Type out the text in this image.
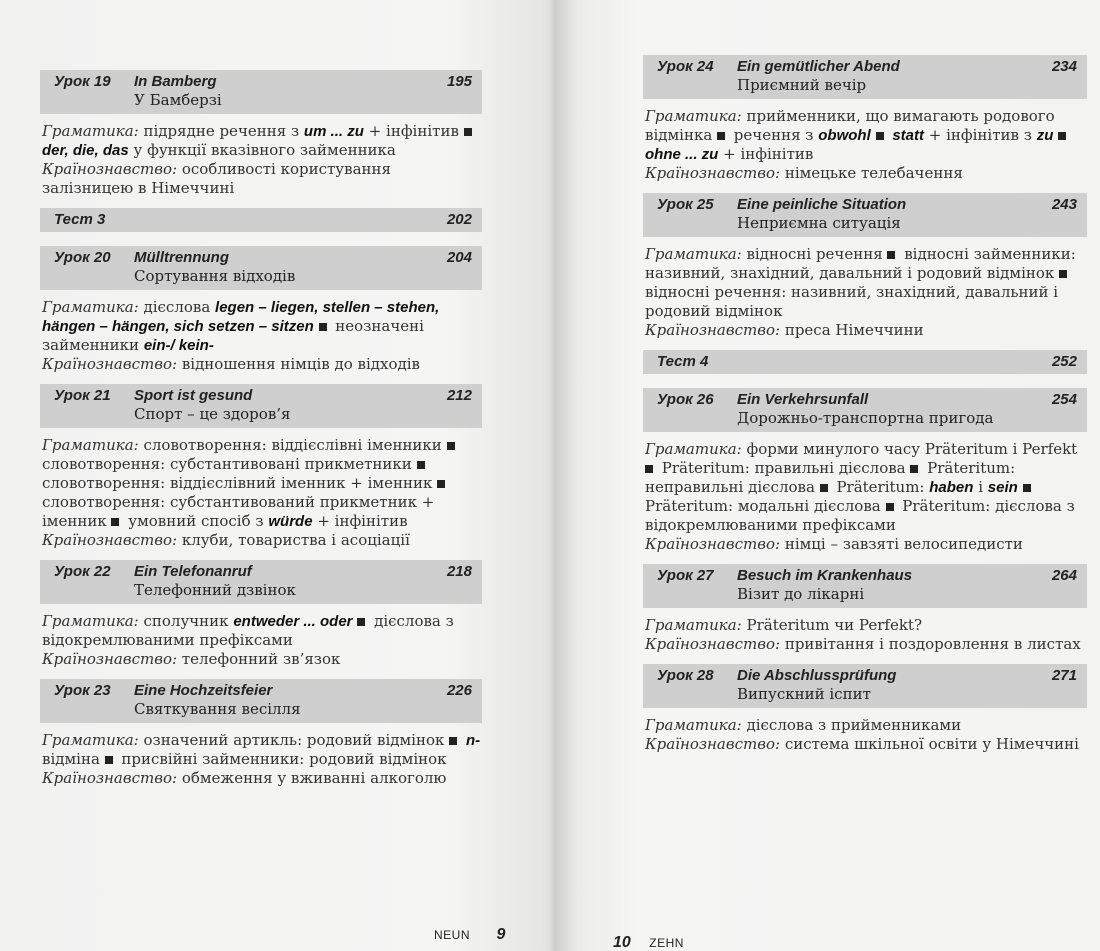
Урок 19	In Bamberg	195
У Бамберзі
Граматика: підрядне речення з um ... zu + інфінітив  der, die, das у функції вказівного займенника
Країнознавство: особливості користування залізницею в Німеччині
Тест 3	202
Урок 20	Mülltrennung	204
Сортування відходів
Граматика: дієслова legen – liegen, stellen – stehen, hängen – hängen, sich setzen – sitzen  неозначені займенники ein-/ kein-
Країнознавство: відношення німців до відходів
Урок 21	Sport ist gesund	212
Спорт – це здоров’я
Граматика: словотворення: віддієслівні іменники  словотворення: субстантивовані прикметники  словотворення: віддієслівний іменник + іменник  словотворення: субстантивований прикметник + іменник  умовний спосіб з würde + інфінітив
Країнознавство: клуби, товариства і асоціації
Урок 22	Ein Telefonanruf	218
Телефонний дзвінок
Граматика: сполучник entweder ... oder  дієслова з відокремлюваними префіксами
Країнознавство: телефонний зв’язок
Урок 23	Eine Hochzeitsfeier	226
Святкування весілля
Граматика: означений артикль: родовий відмінок  n- відміна  присвійні займенники: родовий відмінок
Країнознавство: обмеження у вживанні алкоголю
NEUN 9
Урок 24	Ein gemütlicher Abend	234
Приємний вечір
Граматика: прийменники, що вимагають родового відмінка  речення з obwohl statt + інфінітив з zu  ohne ... zu + інфінітив
Країнознавство: німецьке телебачення
Урок 25	Eine peinliche Situation	243
Неприємна ситуація
Граматика: відносні речення  відносні займенники: називний, знахідний, давальний і родовий відмінок  відносні речення: називний, знахідний, давальний і родовий відмінок
Країнознавство: преса Німеччини
Тест 4	252
Урок 26	Ein Verkehrsunfall	254
Дорожньо-транспортна пригода
Граматика: форми минулого часу Präteritum і Perfekt  Präteritum: правильні дієслова  Präteritum: неправильні дієслова  Präteritum: haben і sein  Präteritum: модальні дієслова  Präteritum: дієслова з відокремлюваними префіксами
Країнознавство: німці – завзяті велосипедисти
Урок 27	Besuch im Krankenhaus	264
Візит до лікарні
Граматика: Präteritum чи Perfekt?
Країнознавство: привітання і поздоровлення в листах
Урок 28	Die Abschlussprüfung	271
Випускний іспит
Граматика: дієслова з прийменниками
Країнознавство: система шкільної освіти у Німеччині
10 ZEHN
